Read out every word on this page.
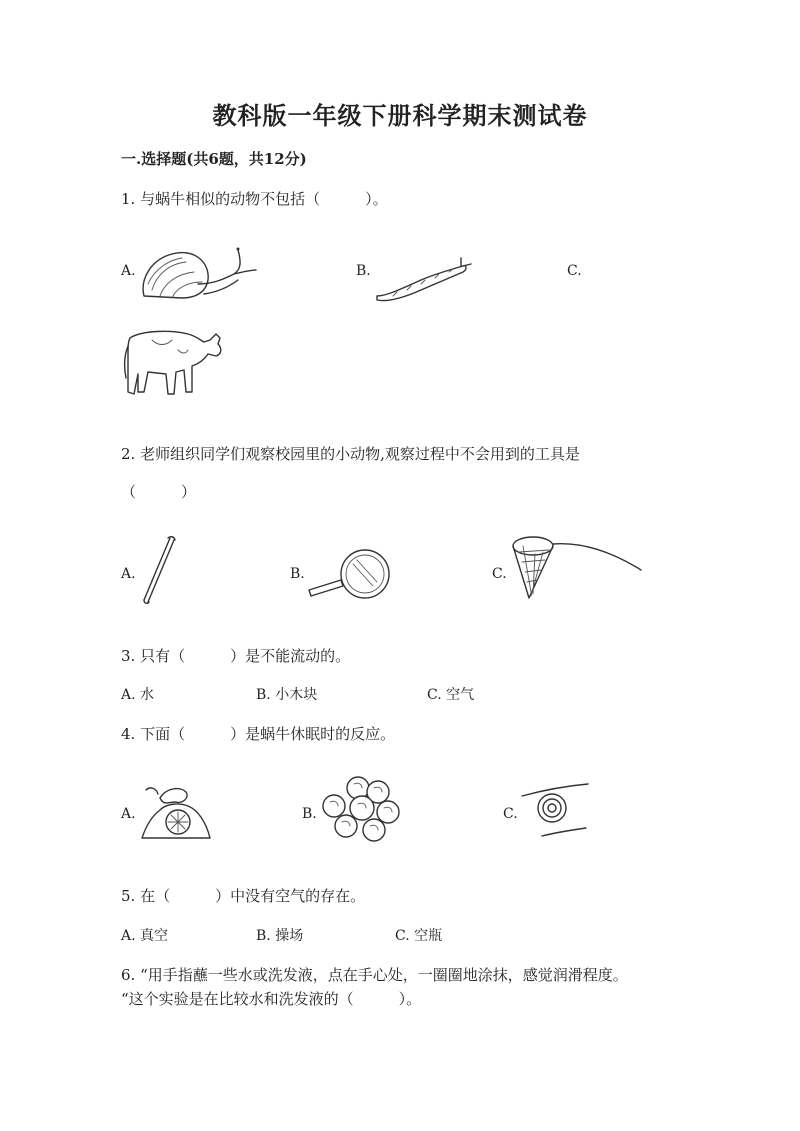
教科版一年级下册科学期末测试卷
一.选择题(共6题，共12分)
1. 与蜗牛相似的动物不包括（　　　）。
A.	B.	C.
2. 老师组织同学们观察校园里的小动物,观察过程中不会用到的工具是
（　　　）
A.	B.	C.
3. 只有（　　　）是不能流动的。
A. 水	B. 小木块	C. 空气
4. 下面（　　　）是蜗牛休眠时的反应。
A.	B.	C.
5. 在（　　　）中没有空气的存在。
A. 真空	B. 操场	C. 空瓶
6. “用手指蘸一些水或洗发液，点在手心处，一圈圈地涂抹，感觉润滑程度。
“这个实验是在比较水和洗发液的（　　　）。
